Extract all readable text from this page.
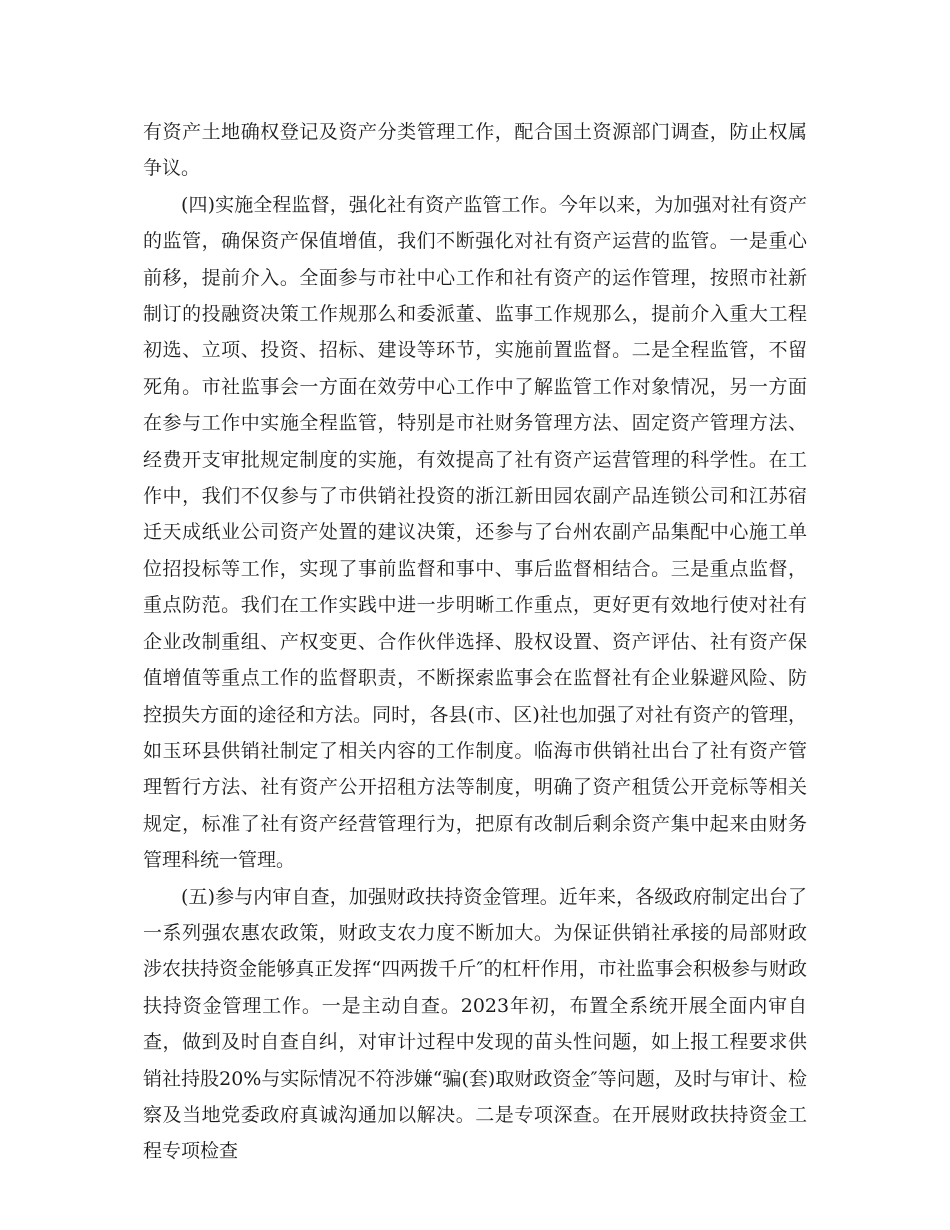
有资产土地确权登记及资产分类管理工作，配合国土资源部门调查，防止权属争议。

(四)实施全程监督，强化社有资产监管工作。今年以来，为加强对社有资产的监管，确保资产保值增值，我们不断强化对社有资产运营的监管。一是重心前移，提前介入。全面参与市社中心工作和社有资产的运作管理，按照市社新制订的投融资决策工作规那么和委派董、监事工作规那么，提前介入重大工程初选、立项、投资、招标、建设等环节，实施前置监督。二是全程监管，不留死角。市社监事会一方面在效劳中心工作中了解监管工作对象情况，另一方面在参与工作中实施全程监管，特别是市社财务管理方法、固定资产管理方法、经费开支审批规定制度的实施，有效提高了社有资产运营管理的科学性。在工作中，我们不仅参与了市供销社投资的浙江新田园农副产品连锁公司和江苏宿迁天成纸业公司资产处置的建议决策，还参与了台州农副产品集配中心施工单位招投标等工作，实现了事前监督和事中、事后监督相结合。三是重点监督，重点防范。我们在工作实践中进一步明晰工作重点，更好更有效地行使对社有企业改制重组、产权变更、合作伙伴选择、股权设置、资产评估、社有资产保值增值等重点工作的监督职责，不断探索监事会在监督社有企业躲避风险、防控损失方面的途径和方法。同时，各县(市、区)社也加强了对社有资产的管理，如玉环县供销社制定了相关内容的工作制度。临海市供销社出台了社有资产管理暂行方法、社有资产公开招租方法等制度，明确了资产租赁公开竞标等相关规定，标准了社有资产经营管理行为，把原有改制后剩余资产集中起来由财务管理科统一管理。

(五)参与内审自查，加强财政扶持资金管理。近年来，各级政府制定出台了一系列强农惠农政策，财政支农力度不断加大。为保证供销社承接的局部财政涉农扶持资金能够真正发挥“四两拨千斤″的杠杆作用，市社监事会积极参与财政扶持资金管理工作。一是主动自查。2023年初，布置全系统开展全面内审自查，做到及时自查自纠，对审计过程中发现的苗头性问题，如上报工程要求供销社持股20%与实际情况不符涉嫌“骗(套)取财政资金″等问题，及时与审计、检察及当地党委政府真诚沟通加以解决。二是专项深查。在开展财政扶持资金工程专项检查
